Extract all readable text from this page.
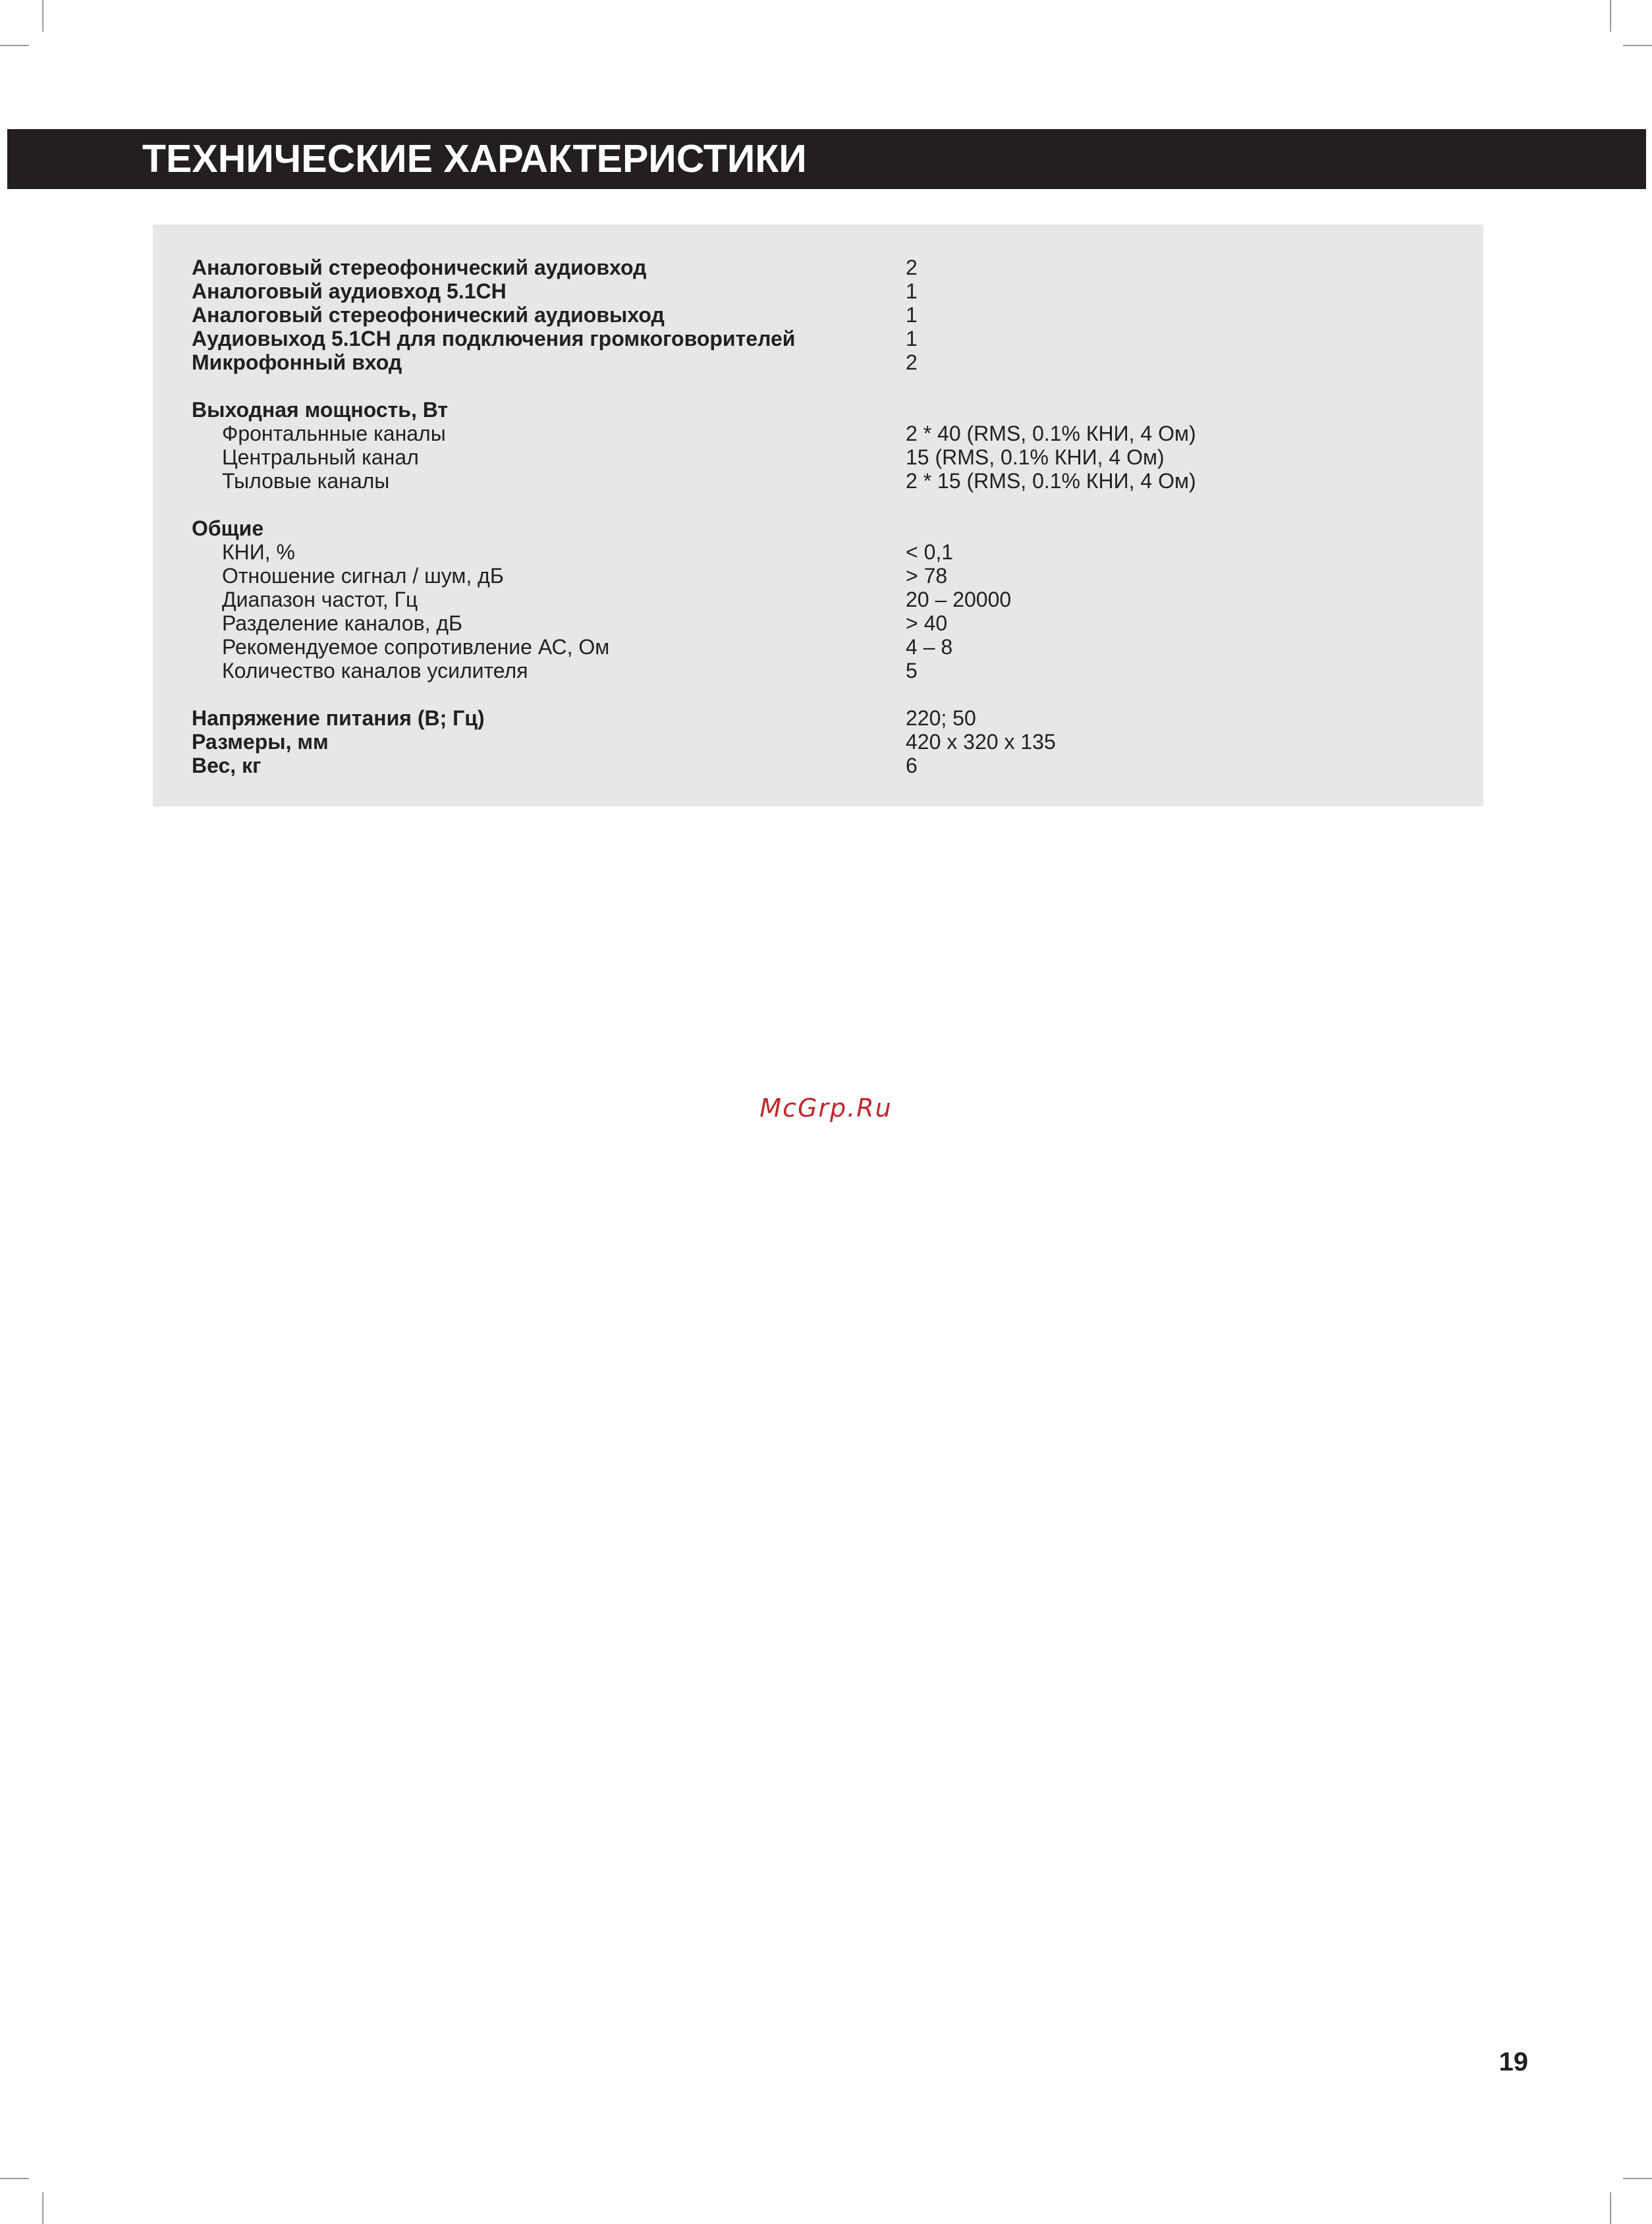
ТЕХНИЧЕСКИЕ ХАРАКТЕРИСТИКИ
Аналоговый стереофонический аудиовход	2
Аналоговый аудиовход 5.1CH	1
Аналоговый стереофонический аудиовыход	1
Аудиовыход 5.1CH для подключения громкоговорителей	1
Микрофонный вход	2
Выходная мощность, Вт
Фронтальнные каналы	2 * 40 (RMS, 0.1% КНИ, 4 Ом)
Центральный канал	15 (RMS, 0.1% КНИ, 4 Ом)
Тыловые каналы	2 * 15 (RMS, 0.1% КНИ, 4 Ом)
Общие
КНИ, %	< 0,1
Отношение сигнал / шум, дБ	> 78
Диапазон частот, Гц	20 – 20000
Разделение каналов, дБ	> 40
Рекомендуемое сопротивление АС, Ом	4 – 8
Количество каналов усилителя	5
Напряжение питания (В; Гц)	220; 50
Размеры, мм	420 x 320 x 135
Вес, кг	6
McGrp.Ru
19
